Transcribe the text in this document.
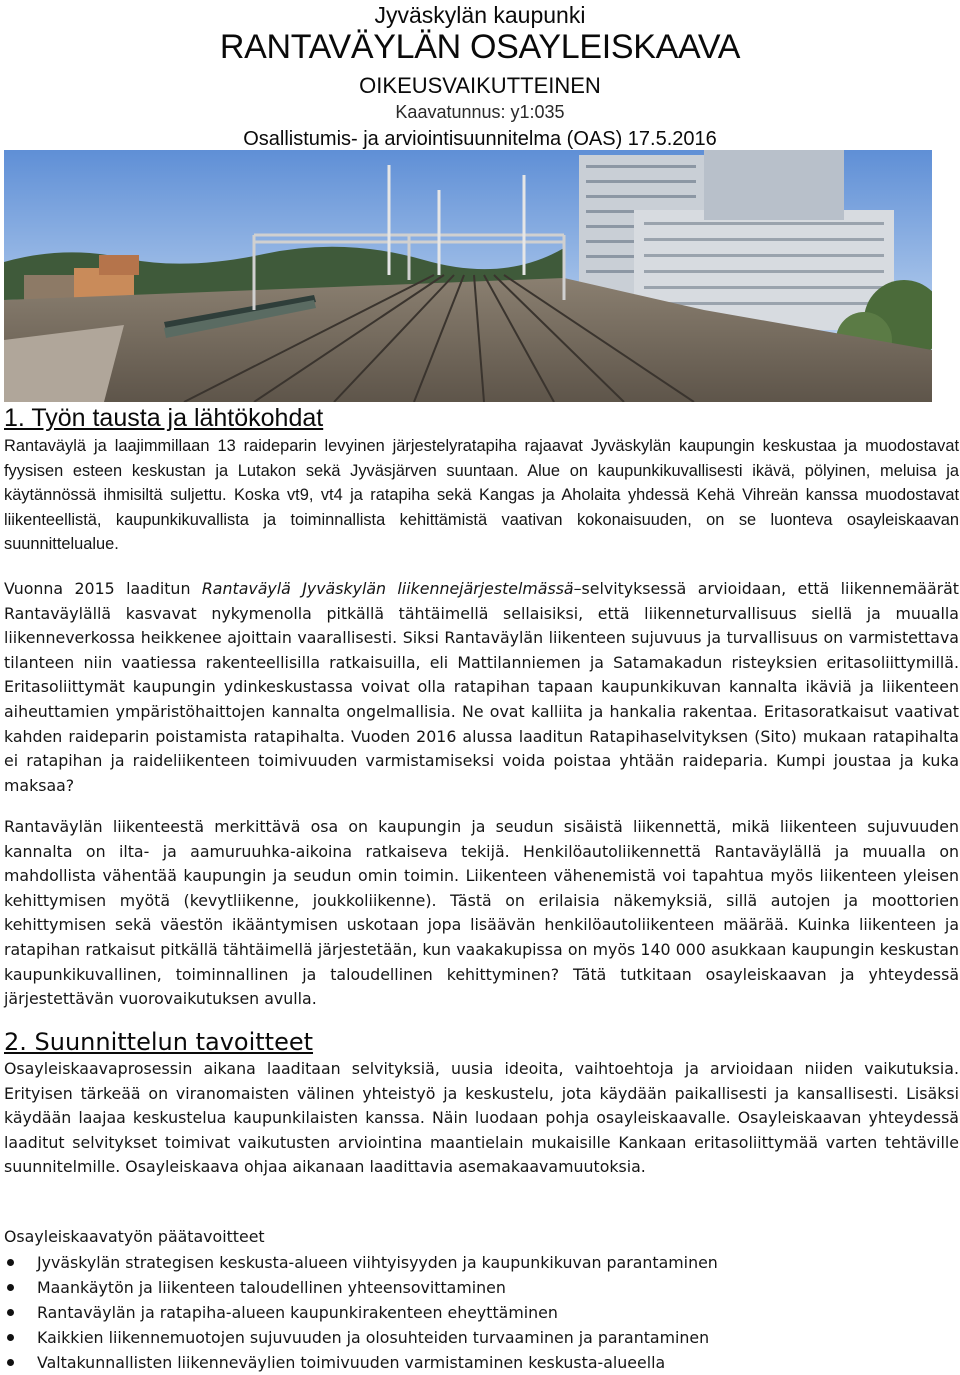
Jyväskylän kaupunki
RANTAVÄYLÄN OSAYLEISKAAVA
OIKEUSVAIKUTTEINEN
Kaavatunnus: y1:035
Osallistumis- ja arviointisuunnitelma (OAS) 17.5.2016
1. Työn tausta ja lähtökohdat

Rantaväylä ja laajimmillaan 13 raideparin levyinen järjestelyratapiha rajaavat Jyväskylän kaupungin keskustaa ja muodostavat fyysisen esteen keskustan ja Lutakon sekä Jyväsjärven suuntaan. Alue on kaupunkikuvallisesti ikävä, pölyinen, meluisa ja käytännössä ihmisiltä suljettu. Koska vt9, vt4 ja ratapiha sekä Kangas ja Aholaita yhdessä Kehä Vihreän kanssa muodostavat liikenteellistä, kaupunkikuvallista ja toiminnallista kehittämistä vaativan kokonaisuuden, on se luonteva osayleiskaavan suunnittelualue.

Vuonna 2015 laaditun Rantaväylä Jyväskylän liikennejärjestelmässä–selvityksessä arvioidaan, että liikennemäärät Rantaväylällä kasvavat nykymenolla pitkällä tähtäimellä sellaisiksi, että liikenneturvallisuus siellä ja muualla liikenneverkossa heikkenee ajoittain vaarallisesti. Siksi Rantaväylän liikenteen sujuvuus ja turvallisuus on varmistettava tilanteen niin vaatiessa rakenteellisilla ratkaisuilla, eli Mattilanniemen ja Satamakadun risteyksien eritasoliittymillä. Eritasoliittymät kaupungin ydinkeskustassa voivat olla ratapihan tapaan kaupunkikuvan kannalta ikäviä ja liikenteen aiheuttamien ympäristöhaittojen kannalta ongelmallisia. Ne ovat kalliita ja hankalia rakentaa. Eritasoratkaisut vaativat kahden raideparin poistamista ratapihalta. Vuoden 2016 alussa laaditun Ratapihaselvityksen (Sito) mukaan ratapihalta ei ratapihan ja raideliikenteen toimivuuden varmistamiseksi voida poistaa yhtään raideparia. Kumpi joustaa ja kuka maksaa?

Rantaväylän liikenteestä merkittävä osa on kaupungin ja seudun sisäistä liikennettä, mikä liikenteen sujuvuuden kannalta on ilta- ja aamuruuhka-aikoina ratkaiseva tekijä. Henkilöautoliikennettä Rantaväylällä ja muualla on mahdollista vähentää kaupungin ja seudun omin toimin. Liikenteen vähenemistä voi tapahtua myös liikenteen yleisen kehittymisen myötä (kevytliikenne, joukkoliikenne). Tästä on erilaisia näkemyksiä, sillä autojen ja moottorien kehittymisen sekä väestön ikääntymisen uskotaan jopa lisäävän henkilöautoliikenteen määrää. Kuinka liikenteen ja ratapihan ratkaisut pitkällä tähtäimellä järjestetään, kun vaakakupissa on myös 140 000 asukkaan kaupungin keskustan kaupunkikuvallinen, toiminnallinen ja taloudellinen kehittyminen? Tätä tutkitaan osayleiskaavan ja yhteydessä järjestettävän vuorovaikutuksen avulla.

2. Suunnittelun tavoitteet

Osayleiskaavaprosessin aikana laaditaan selvityksiä, uusia ideoita, vaihtoehtoja ja arvioidaan niiden vaikutuksia. Erityisen tärkeää on viranomaisten välinen yhteistyö ja keskustelu, jota käydään paikallisesti ja kansallisesti. Lisäksi käydään laajaa keskustelua kaupunkilaisten kanssa. Näin luodaan pohja osayleiskaavalle. Osayleiskaavan yhteydessä laaditut selvitykset toimivat vaikutusten arviointina maantielain mukaisille Kankaan eritasoliittymää varten tehtäville suunnitelmille. Osayleiskaava ohjaa aikanaan laadittavia asemakaavamuutoksia.

Osayleiskaavatyön päätavoitteet

Jyväskylän strategisen keskusta-alueen viihtyisyyden ja kaupunkikuvan parantaminen
Maankäytön ja liikenteen taloudellinen yhteensovittaminen
Rantaväylän ja ratapiha-alueen kaupunkirakenteen eheyttäminen
Kaikkien liikennemuotojen sujuvuuden ja olosuhteiden turvaaminen ja parantaminen
Valtakunnallisten liikenneväylien toimivuuden varmistaminen keskusta-alueella
